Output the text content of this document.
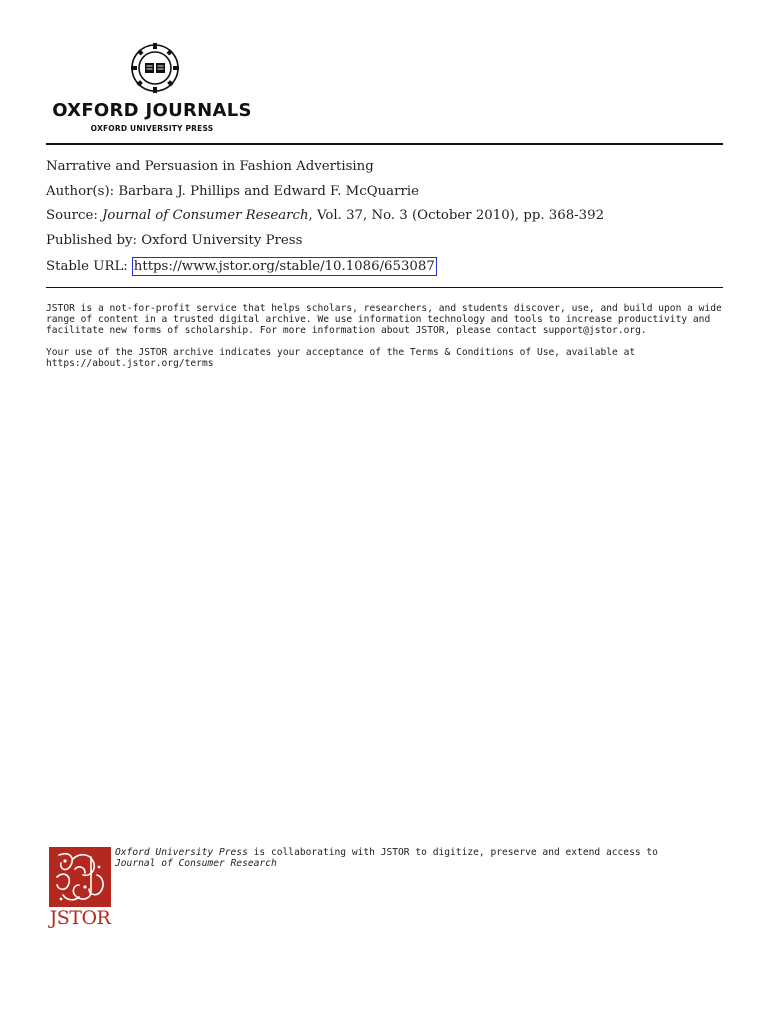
OXFORD JOURNALS
OXFORD UNIVERSITY PRESS
Narrative and Persuasion in Fashion Advertising
Author(s): Barbara J. Phillips and Edward F. McQuarrie
Source: Journal of Consumer Research, Vol. 37, No. 3 (October 2010), pp. 368-392
Published by: Oxford University Press
Stable URL: https://www.jstor.org/stable/10.1086/653087
JSTOR is a not-for-profit service that helps scholars, researchers, and students discover, use, and build upon a wide
range of content in a trusted digital archive. We use information technology and tools to increase productivity and
facilitate new forms of scholarship. For more information about JSTOR, please contact support@jstor.org.
Your use of the JSTOR archive indicates your acceptance of the Terms & Conditions of Use, available at
https://about.jstor.org/terms
JSTOR
Oxford University Press is collaborating with JSTOR to digitize, preserve and extend access to
Journal of Consumer Research
